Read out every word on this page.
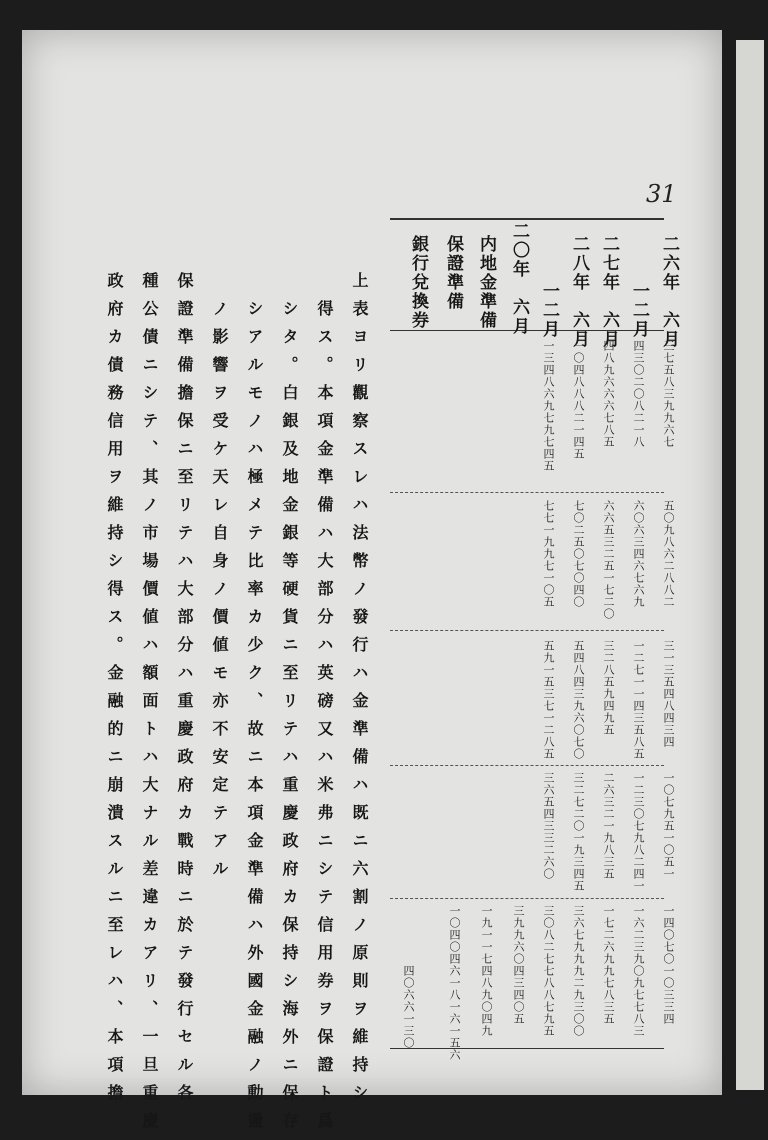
31
二六年　六月
三七五八三九九六七
五〇九八六二八八二
三一三五四八四三四
一〇七九五一〇五一
一四〇七〇一〇三三四
一二月
四三〇二〇八二一八
六〇六三四六七六九
一二七一一四三五八五
一二三〇七九八二四一
一六二三九〇九七七八三
二七年　六月
四八九六六六七八五
六六五三二五一七二〇
三二八五九四九五
二六三二一九八三五
一七二六九九七八三五
二八年　六月
一〇四八八八二一四五
七〇二五〇七〇四〇
五四八四三九六〇七〇
三二七二〇一九三四五
三六七九九九二九三〇〇
一二月
一三四八六九七九七四五
七七一九九七一〇五
五九一五三七一二八五
三六五四三三二六〇
三〇八二七七八八七九五
二〇年　六月
三九九六〇四三四〇五
内地金準備
一九一一七四八九〇四九
保證準備
一〇四〇四六一八一六一五六
銀行兌換券
四〇六六一三〇
上表ヨリ觀察スレハ法幣ノ發行ハ金準備ハ既ニ六割ノ原則ヲ維持シ
得ス。本項金準備ハ大部分ハ英磅又ハ米弗ニシテ信用券ヲ保證ト爲
シタ。白銀及地金銀等硬貨ニ至リテハ重慶政府カ保持シ海外ニ保存
シアルモノハ極メテ比率カ少ク、故ニ本項金準備ハ外國金融ノ動盪
ノ影響ヲ受ケ天レ自身ノ價値モ亦不安定テアル
保證準備擔保ニ至リテハ大部分ハ重慶政府カ戰時ニ於テ發行セル各
種公債ニシテ、其ノ市場價値ハ額面トハ大ナル差違カアリ、一旦重慶
政府カ債務信用ヲ維持シ得ス。金融的ニ崩潰スルニ至レハ、本項擔
